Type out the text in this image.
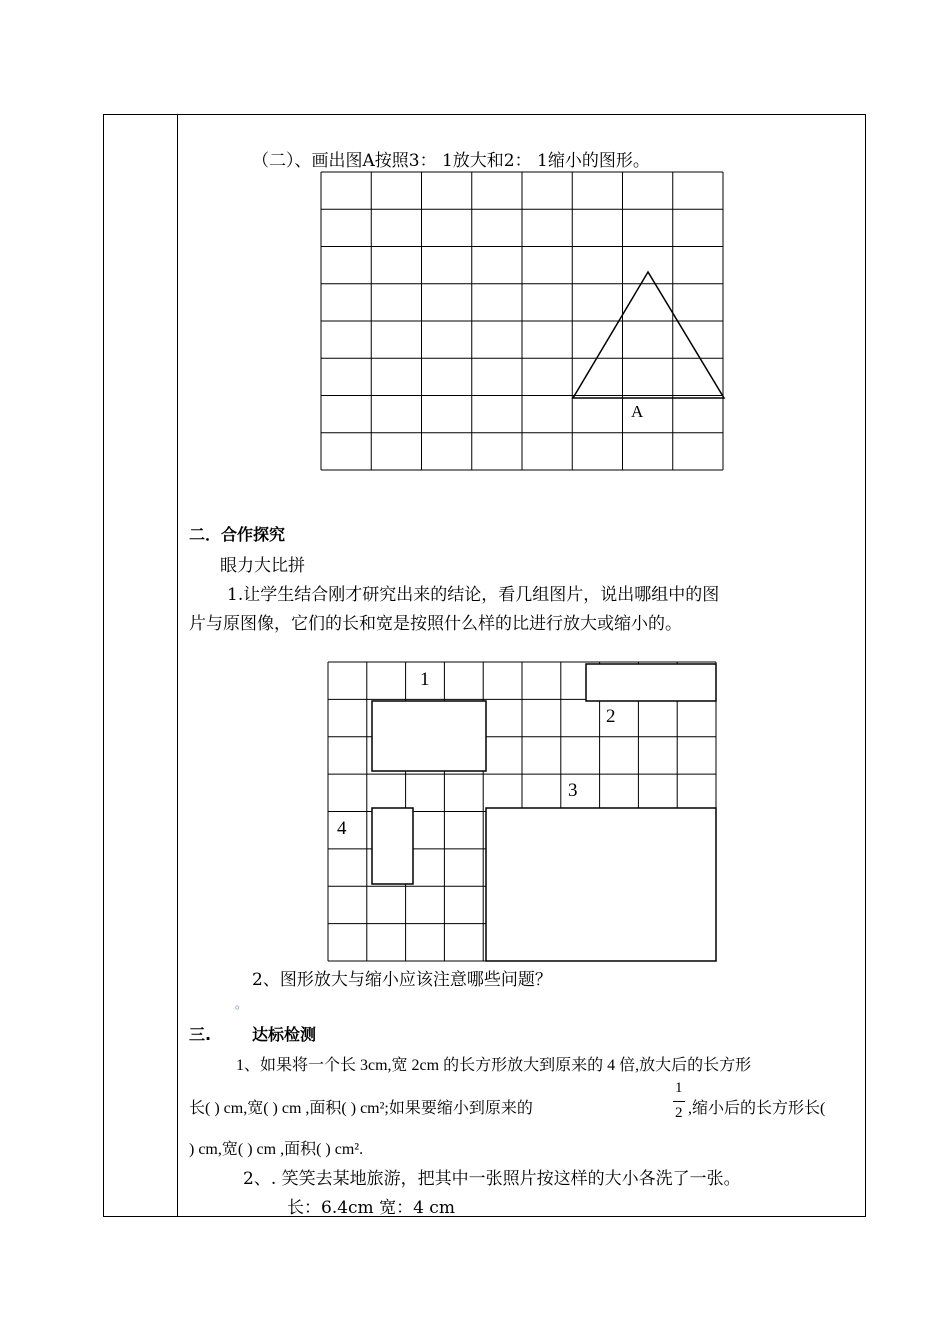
（二）、画出图A按照3： 1放大和2： 1缩小的图形。
A
1
2
3
4
二．合作探究
眼力大比拼
1.让学生结合刚才研究出来的结论，看几组图片，说出哪组中的图
片与原图像，它们的长和宽是按照什么样的比进行放大或缩小的。
2、图形放大与缩小应该注意哪些问题？
。
三.	达标检测
1、如果将一个长 3cm,宽 2cm 的长方形放大到原来的 4 倍,放大后的长方形
长( ) cm,宽( ) cm ,面积( ) cm²;如果要缩小到原来的
1
2 ,缩小后的长方形长(
) cm,宽( ) cm ,面积( ) cm².
2、. 笑笑去某地旅游，把其中一张照片按这样的大小各洗了一张。
长：6.4cm 宽：4 cm
